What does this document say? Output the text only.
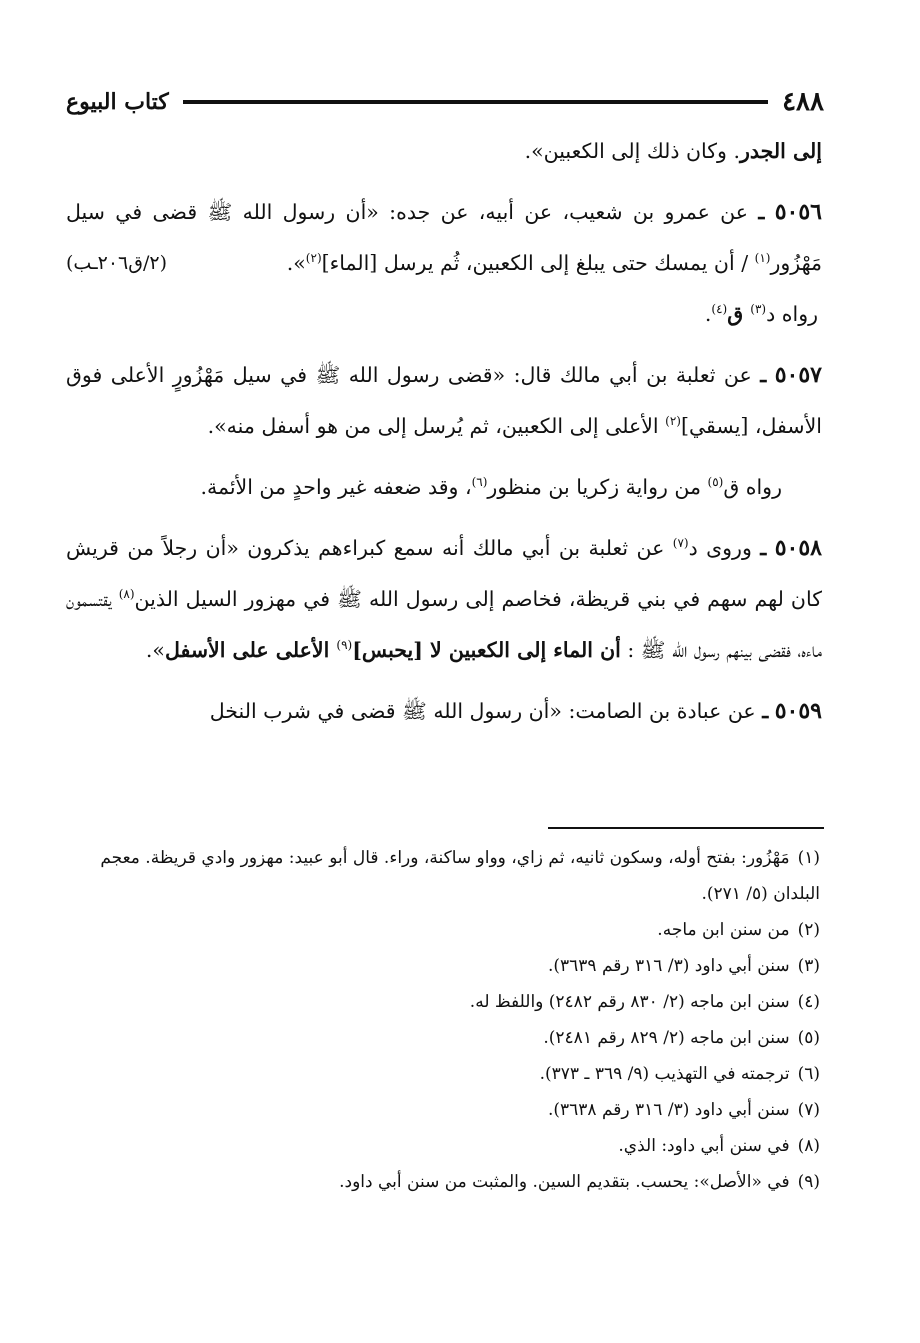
٤٨٨
كتاب البيوع

إلى الجدر. وكان ذلك إلى الكعبين».

٥٠٥٦ ـ عن عمرو بن شعيب، عن أبيه، عن جده: «أن رسول الله ﷺ قضى في سيل مَهْزُور$^{(١)}$ / أن يمسك حتى يبلغ إلى الكعبين، ثُم يرسل [الماء]$^{(٢)}$».
(٢/ق٢٠٦ـب)

رواه د$^{(٣)}$ ق$^{(٤)}$.

٥٠٥٧ ـ عن ثعلبة بن أبي مالك قال: «قضى رسول الله ﷺ في سيل مَهْزُورٍ الأعلى فوق الأسفل، [يسقي]$^{(٢)}$ الأعلى إلى الكعبين، ثم يُرسل إلى من هو أسفل منه».

رواه ق$^{(٥)}$ من رواية زكريا بن منظور$^{(٦)}$، وقد ضعفه غير واحدٍ من الأئمة.

٥٠٥٨ ـ وروى د$^{(٧)}$ عن ثعلبة بن أبي مالك أنه سمع كبراءهم يذكرون «أن رجلاً من قريش كان لهم سهم في بني قريظة، فخاصم إلى رسول الله ﷺ في مهزور السيل الذين$^{(٨)}$ يقتسمون ماءه، فقضى بينهم رسول الله ﷺ : أن الماء إلى الكعبين لا [يحبس]$^{(٩)}$ الأعلى على الأسفل».

٥٠٥٩ ـ عن عبادة بن الصامت: «أن رسول الله ﷺ قضى في شرب النخل

(١)مَهْزُور: بفتح أوله، وسكون ثانيه، ثم زاي، وواو ساكنة، وراء. قال أبو عبيد: مهزور وادي قريظة. معجم البلدان (٥/ ٢٧١).

(٢)من سنن ابن ماجه.

(٣)سنن أبي داود (٣/ ٣١٦ رقم ٣٦٣٩).

(٤)سنن ابن ماجه (٢/ ٨٣٠ رقم ٢٤٨٢) واللفظ له.

(٥)سنن ابن ماجه (٢/ ٨٢٩ رقم ٢٤٨١).

(٦)ترجمته في التهذيب (٩/ ٣٦٩ ـ ٣٧٣).

(٧)سنن أبي داود (٣/ ٣١٦ رقم ٣٦٣٨).

(٨)في سنن أبي داود: الذي.

(٩)في «الأصل»: يحسب. بتقديم السين. والمثبت من سنن أبي داود.
